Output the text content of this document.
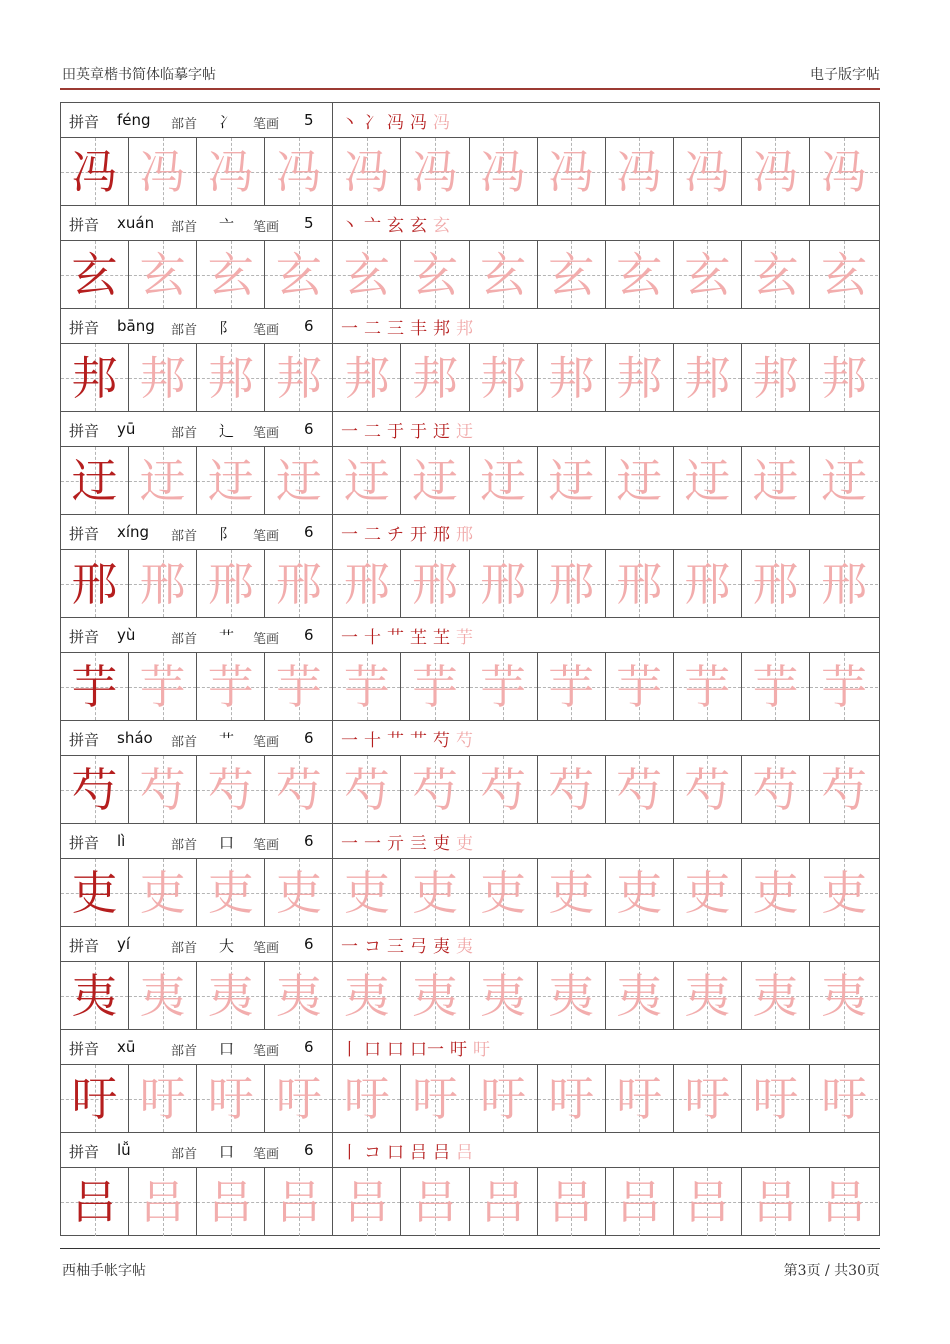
田英章楷书简体临摹字帖	电子版字帖
拼音 féng 部首 冫 笔画 5 丶 冫 冯 冯 冯
冯 冯 冯 冯 冯 冯 冯 冯 冯 冯 冯 冯
拼音 xuán 部首 亠 笔画 5 丶 亠 玄 玄 玄
玄 玄 玄 玄 玄 玄 玄 玄 玄 玄 玄 玄
拼音 bāng 部首 阝 笔画 6 一 二 三 丰 邦 邦
邦 邦 邦 邦 邦 邦 邦 邦 邦 邦 邦 邦
拼音 yū	部首 辶 笔画 6 一 二 于 于 迂 迂
迂 迂 迂 迂 迂 迂 迂 迂 迂 迂 迂 迂
拼音 xíng 部首 阝 笔画 6 一 二 チ 开 邢 邢
邢 邢 邢 邢 邢 邢 邢 邢 邢 邢 邢 邢
拼音 yù	部首 艹 笔画 6 一 十 艹 芏 芏 芋
芋 芋 芋 芋 芋 芋 芋 芋 芋 芋 芋 芋
拼音 sháo 部首 艹 笔画 6 一 十 艹 艹 芍 芍
芍 芍 芍 芍 芍 芍 芍 芍 芍 芍 芍 芍
拼音 lì	部首 口 笔画 6 一 一 亓 亖 吏 吏
吏 吏 吏 吏 吏 吏 吏 吏 吏 吏 吏 吏
拼音 yí	部首 大 笔画 6 一 コ 三 弓 夷 夷
夷 夷 夷 夷 夷 夷 夷 夷 夷 夷 夷 夷
拼音 xū	部首 口 笔画 6 丨 口 口 口一 吁 吁
吁 吁 吁 吁 吁 吁 吁 吁 吁 吁 吁 吁
拼音 lǚ	部首 口 笔画 6 丨 コ 口 吕 吕 吕
吕 吕 吕 吕 吕 吕 吕 吕 吕 吕 吕 吕
西柚手帐字帖	第3页 / 共30页
